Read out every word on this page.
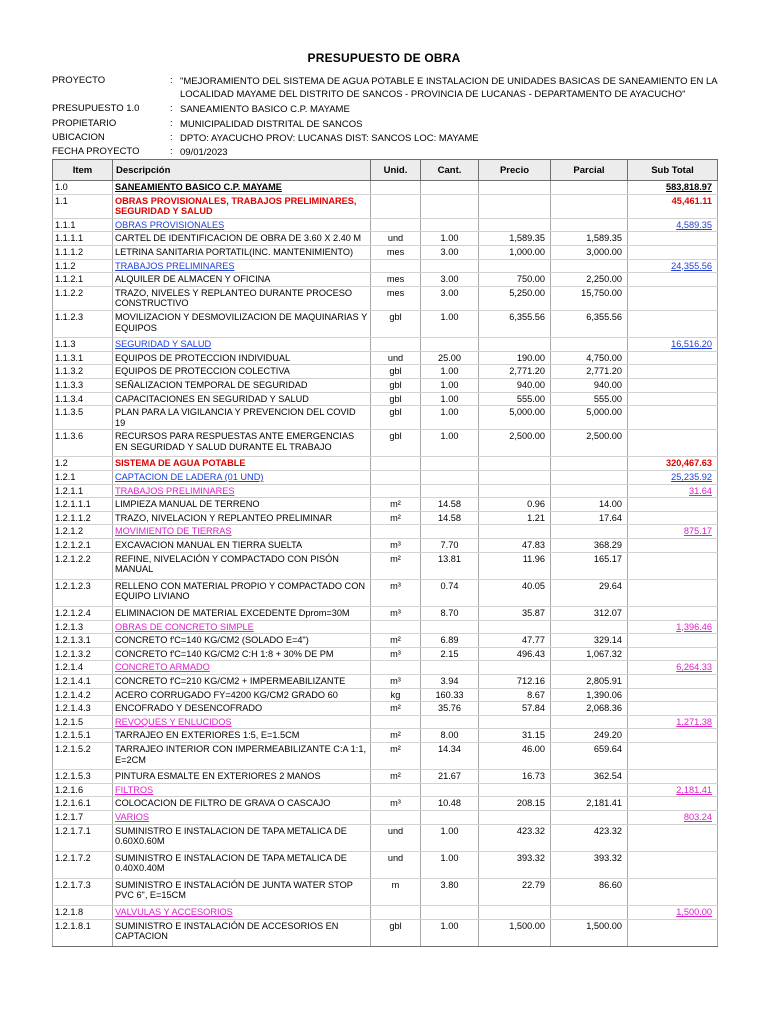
PRESUPUESTO DE OBRA
PROYECTO	: "MEJORAMIENTO DEL SISTEMA DE AGUA POTABLE E INSTALACION DE UNIDADES BASICAS DE SANEAMIENTO EN LA LOCALIDAD MAYAME DEL DISTRITO DE SANCOS - PROVINCIA DE LUCANAS - DEPARTAMENTO DE AYACUCHO"
PRESUPUESTO 1.0	: SANEAMIENTO BASICO C.P. MAYAME
PROPIETARIO	: MUNICIPALIDAD DISTRITAL DE SANCOS
UBICACION	: DPTO: AYACUCHO PROV: LUCANAS DIST: SANCOS LOC: MAYAME
FECHA PROYECTO	: 09/01/2023
Item	Descripción	Unid.	Cant.	Precio	Parcial	Sub Total
1.0	SANEAMIENTO BASICO C.P. MAYAME					583,818.97
1.1	OBRAS PROVISIONALES, TRABAJOS PRELIMINARES, SEGURIDAD Y SALUD					45,461.11
1.1.1	OBRAS PROVISIONALES					4,589.35
1.1.1.1	CARTEL DE IDENTIFICACION DE OBRA DE 3.60 X 2.40 M	und	1.00	1,589.35	1,589.35	
1.1.1.2	LETRINA SANITARIA PORTATIL(INC. MANTENIMIENTO)	mes	3.00	1,000.00	3,000.00	
1.1.2	TRABAJOS PRELIMINARES					24,355.56
1.1.2.1	ALQUILER DE ALMACEN Y OFICINA	mes	3.00	750.00	2,250.00	
1.1.2.2	TRAZO, NIVELES Y REPLANTEO DURANTE PROCESO CONSTRUCTIVO	mes	3.00	5,250.00	15,750.00	
1.1.2.3	MOVILIZACION Y DESMOVILIZACION DE MAQUINARIAS Y EQUIPOS	gbl	1.00	6,355.56	6,355.56	
1.1.3	SEGURIDAD Y SALUD					16,516.20
1.1.3.1	EQUIPOS DE PROTECCION INDIVIDUAL	und	25.00	190.00	4,750.00	
1.1.3.2	EQUIPOS DE PROTECCION COLECTIVA	gbl	1.00	2,771.20	2,771.20	
1.1.3.3	SEÑALIZACION TEMPORAL DE SEGURIDAD	gbl	1.00	940.00	940.00	
1.1.3.4	CAPACITACIONES EN SEGURIDAD Y SALUD	gbl	1.00	555.00	555.00	
1.1.3.5	PLAN PARA LA VIGILANCIA Y PREVENCION DEL COVID 19	gbl	1.00	5,000.00	5,000.00	
1.1.3.6	RECURSOS PARA RESPUESTAS ANTE EMERGENCIAS EN SEGURIDAD Y SALUD DURANTE EL TRABAJO	gbl	1.00	2,500.00	2,500.00	
1.2	SISTEMA DE AGUA POTABLE					320,467.63
1.2.1	CAPTACION DE LADERA (01 UND)					25,235.92
1.2.1.1	TRABAJOS PRELIMINARES					31.64
1.2.1.1.1	LIMPIEZA MANUAL DE TERRENO	m²	14.58	0.96	14.00	
1.2.1.1.2	TRAZO, NIVELACION Y REPLANTEO PRELIMINAR	m²	14.58	1.21	17.64	
1.2.1.2	MOVIMIENTO DE TIERRAS					875.17
1.2.1.2.1	EXCAVACION MANUAL EN TIERRA SUELTA	m³	7.70	47.83	368.29	
1.2.1.2.2	REFINE, NIVELACIÓN Y COMPACTADO CON PISÓN MANUAL	m²	13.81	11.96	165.17	
1.2.1.2.3	RELLENO CON MATERIAL PROPIO Y COMPACTADO CON EQUIPO LIVIANO	m³	0.74	40.05	29.64	
1.2.1.2.4	ELIMINACION DE MATERIAL EXCEDENTE Dprom=30M	m³	8.70	35.87	312.07	
1.2.1.3	OBRAS DE CONCRETO SIMPLE					1,396.46
1.2.1.3.1	CONCRETO f'C=140 KG/CM2 (SOLADO E=4")	m²	6.89	47.77	329.14	
1.2.1.3.2	CONCRETO f'C=140 KG/CM2 C:H 1:8 + 30% DE PM	m³	2.15	496.43	1,067.32	
1.2.1.4	CONCRETO ARMADO					6,264.33
1.2.1.4.1	CONCRETO f'C=210 KG/CM2 + IMPERMEABILIZANTE	m³	3.94	712.16	2,805.91	
1.2.1.4.2	ACERO CORRUGADO FY=4200 KG/CM2 GRADO 60	kg	160.33	8.67	1,390.06	
1.2.1.4.3	ENCOFRADO Y DESENCOFRADO	m²	35.76	57.84	2,068.36	
1.2.1.5	REVOQUES Y ENLUCIDOS					1,271.38
1.2.1.5.1	TARRAJEO EN EXTERIORES 1:5, E=1.5CM	m²	8.00	31.15	249.20	
1.2.1.5.2	TARRAJEO INTERIOR CON IMPERMEABILIZANTE C:A 1:1, E=2CM	m²	14.34	46.00	659.64	
1.2.1.5.3	PINTURA ESMALTE EN EXTERIORES 2 MANOS	m²	21.67	16.73	362.54	
1.2.1.6	FILTROS					2,181.41
1.2.1.6.1	COLOCACION DE FILTRO DE GRAVA O CASCAJO	m³	10.48	208.15	2,181.41	
1.2.1.7	VARIOS					803.24
1.2.1.7.1	SUMINISTRO E INSTALACION DE TAPA METALICA DE 0.60X0.60M	und	1.00	423.32	423.32	
1.2.1.7.2	SUMINISTRO E INSTALACION DE TAPA METALICA DE 0.40X0.40M	und	1.00	393.32	393.32	
1.2.1.7.3	SUMINISTRO E INSTALACIÓN DE JUNTA WATER STOP PVC 6", E=15CM	m	3.80	22.79	86.60	
1.2.1.8	VALVULAS Y ACCESORIOS					1,500.00
1.2.1.8.1	SUMINISTRO E INSTALACIÓN DE ACCESORIOS EN CAPTACION	gbl	1.00	1,500.00	1,500.00	
